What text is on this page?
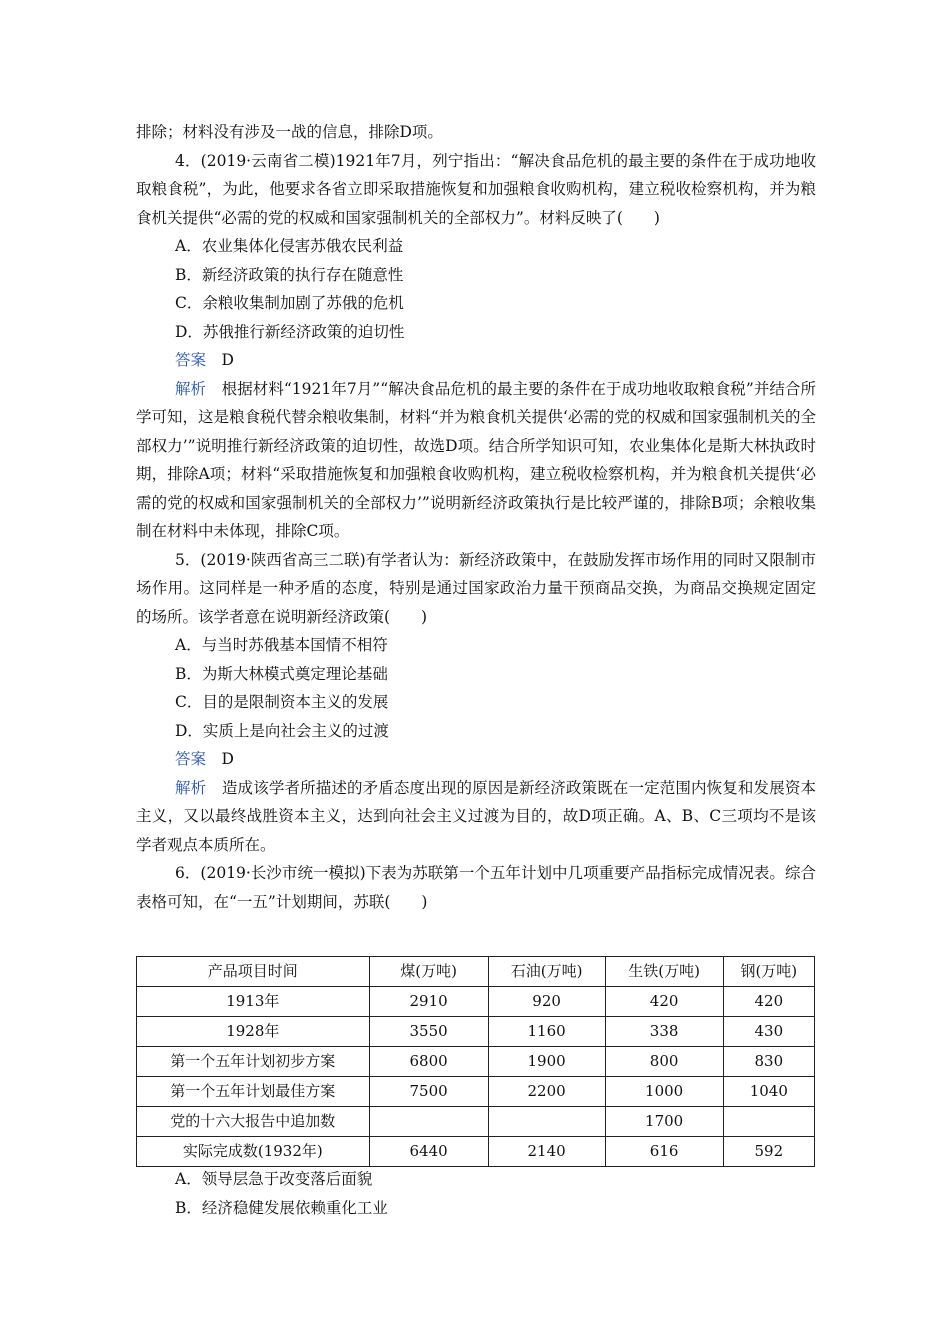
排除；材料没有涉及一战的信息，排除D项。

4．(2019·云南省二模)1921年7月，列宁指出：“解决食品危机的最主要的条件在于成功地收取粮食税”，为此，他要求各省立即采取措施恢复和加强粮食收购机构，建立税收检察机构，并为粮食机关提供“必需的党的权威和国家强制机关的全部权力”。材料反映了(　　)

A．农业集体化侵害苏俄农民利益

B．新经济政策的执行存在随意性

C．余粮收集制加剧了苏俄的危机

D．苏俄推行新经济政策的迫切性

答案　 D

解析　 根据材料“1921年7月”“解决食品危机的最主要的条件在于成功地收取粮食税”并结合所学可知，这是粮食税代替余粮收集制，材料“并为粮食机关提供‘必需的党的权威和国家强制机关的全部权力’”说明推行新经济政策的迫切性，故选D项。结合所学知识可知，农业集体化是斯大林执政时期，排除A项；材料“采取措施恢复和加强粮食收购机构，建立税收检察机构，并为粮食机关提供‘必需的党的权威和国家强制机关的全部权力’”说明新经济政策执行是比较严谨的，排除B项；余粮收集制在材料中未体现，排除C项。

5．(2019·陕西省高三二联)有学者认为：新经济政策中，在鼓励发挥市场作用的同时又限制市场作用。这同样是一种矛盾的态度，特别是通过国家政治力量干预商品交换，为商品交换规定固定的场所。该学者意在说明新经济政策(　　)

A．与当时苏俄基本国情不相符

B．为斯大林模式奠定理论基础

C．目的是限制资本主义的发展

D．实质上是向社会主义的过渡

答案　 D

解析　 造成该学者所描述的矛盾态度出现的原因是新经济政策既在一定范围内恢复和发展资本主义，又以最终战胜资本主义，达到向社会主义过渡为目的，故D项正确。A、B、C三项均不是该学者观点本质所在。

6．(2019·长沙市统一模拟)下表为苏联第一个五年计划中几项重要产品指标完成情况表。综合表格可知，在“一五”计划期间，苏联(　　)

产品项目时间	煤(万吨)	石油(万吨)	生铁(万吨)	钢(万吨)
1913年	2910	920	420	420
1928年	3550	1160	338	430
第一个五年计划初步方案	6800	1900	800	830
第一个五年计划最佳方案	7500	2200	1000	1040
党的十六大报告中追加数			1700	
实际完成数(1932年)	6440	2140	616	592

A．领导层急于改变落后面貌

B．经济稳健发展依赖重化工业
